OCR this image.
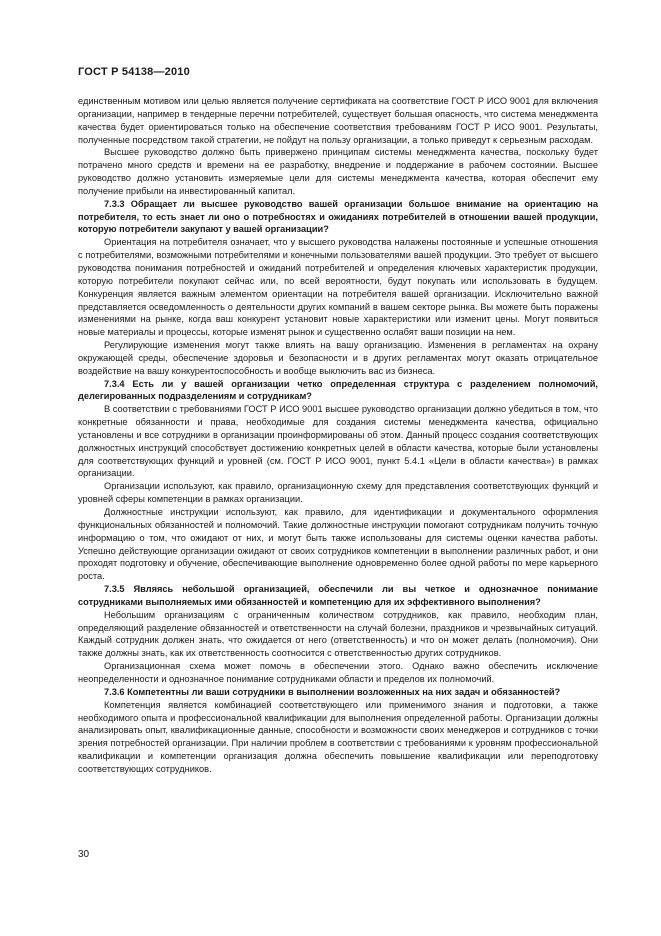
ГОСТ Р 54138—2010

единственным мотивом или целью является получение сертификата на соответствие ГОСТ Р ИСО 9001 для включения организации, например в тендерные перечни потребителей, существует большая опасность, что система менеджмента качества будет ориентироваться только на обеспечение соответствия требованиям ГОСТ Р ИСО 9001. Результаты, полученные посредством такой стратегии, не пойдут на пользу организации, а только приведут к серьезным расходам.

Высшее руководство должно быть привержено принципам системы менеджмента качества, поскольку будет потрачено много средств и времени на ее разработку, внедрение и поддержание в рабочем состоянии. Высшее руководство должно установить измеряемые цели для системы менеджмента качества, которая обеспечит ему получение прибыли на инвестированный капитал.

7.3.3 Обращает ли высшее руководство вашей организации большое внимание на ориентацию на потребителя, то есть знает ли оно о потребностях и ожиданиях потребителей в отношении вашей продукции, которую потребители закупают у вашей организации?

Ориентация на потребителя означает, что у высшего руководства налажены постоянные и успешные отношения с потребителями, возможными потребителями и конечными пользователями вашей продукции. Это требует от высшего руководства понимания потребностей и ожиданий потребителей и определения ключевых характеристик продукции, которую потребители покупают сейчас или, по всей вероятности, будут покупать или использовать в будущем. Конкуренция является важным элементом ориентации на потребителя вашей организации. Исключительно важной представляется осведомленность о деятельности других компаний в вашем секторе рынка. Вы можете быть поражены изменениями на рынке, когда ваш конкурент установит новые характеристики или изменит цены. Могут появиться новые материалы и процессы, которые изменят рынок и существенно ослабят ваши позиции на нем.

Регулирующие изменения могут также влиять на вашу организацию. Изменения в регламентах на охрану окружающей среды, обеспечение здоровья и безопасности и в других регламентах могут оказать отрицательное воздействие на вашу конкурентоспособность и вообще выключить вас из бизнеса.

7.3.4 Есть ли у вашей организации четко определенная структура с разделением полномочий, делегированных подразделениям и сотрудникам?

В соответствии с требованиями ГОСТ Р ИСО 9001 высшее руководство организации должно убедиться в том, что конкретные обязанности и права, необходимые для создания системы менеджмента качества, официально установлены и все сотрудники в организации проинформированы об этом. Данный процесс создания соответствующих должностных инструкций способствует достижению конкретных целей в области качества, которые были установлены для соответствующих функций и уровней (см. ГОСТ Р ИСО 9001, пункт 5.4.1 «Цели в области качества») в рамках организации.

Организации используют, как правило, организационную схему для представления соответствующих функций и уровней сферы компетенции в рамках организации.

Должностные инструкции используют, как правило, для идентификации и документального оформления функциональных обязанностей и полномочий. Такие должностные инструкции помогают сотрудникам получить точную информацию о том, что ожидают от них, и могут быть также использованы для системы оценки качества работы. Успешно действующие организации ожидают от своих сотрудников компетенции в выполнении различных работ, и они проходят подготовку и обучение, обеспечивающие выполнение одновременно более одной работы по мере карьерного роста.

7.3.5 Являясь небольшой организацией, обеспечили ли вы четкое и однозначное понимание сотрудниками выполняемых ими обязанностей и компетенцию для их эффективного выполнения?

Небольшим организациям с ограниченным количеством сотрудников, как правило, необходим план, определяющий разделение обязанностей и ответственности на случай болезни, праздников и чрезвычайных ситуаций. Каждый сотрудник должен знать, что ожидается от него (ответственность) и что он может делать (полномочия). Они также должны знать, как их ответственность соотносится с ответственностью других сотрудников.

Организационная схема может помочь в обеспечении этого. Однако важно обеспечить исключение неопределенности и однозначное понимание сотрудниками области и пределов их полномочий.

7.3.6 Компетентны ли ваши сотрудники в выполнении возложенных на них задач и обязанностей?

Компетенция является комбинацией соответствующего или применимого знания и подготовки, а также необходимого опыта и профессиональной квалификации для выполнения определенной работы. Организации должны анализировать опыт, квалификационные данные, способности и возможности своих менеджеров и сотрудников с точки зрения потребностей организации. При наличии проблем в соответствии с требованиями к уровням профессиональной квалификации и компетенции организация должна обеспечить повышение квалификации или переподготовку соответствующих сотрудников.

30
